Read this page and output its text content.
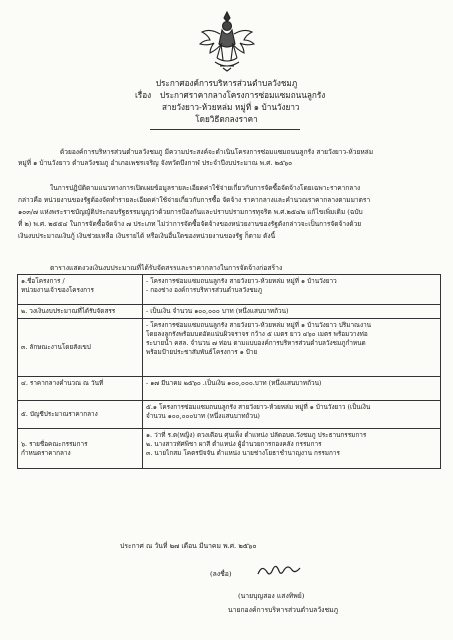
ประกาศองค์การบริหารส่วนตำบลวังชมภู
เรื่อง ประกาศราคากลางโครงการซ่อมแซมถนนลูกรัง
สายวังยาว-ห้วยหล่ม หมู่ที่ ๑ บ้านวังยาว
โดยวิธีตกลงราคา
ด้วยองค์การบริหารส่วนตำบลวังชมภู มีความประสงค์จะดำเนินโครงการซ่อมแซมถนนลูกรัง สายวังยาว-ห้วยหล่ม
หมู่ที่ ๑ บ้านวังยาว ตำบลวังชมภู อำเภอเพชรเจริญ จังหวัดบึงกาฬ ประจำปีงบประมาณ พ.ศ. ๒๕๖๐
ในการปฏิบัติตามแนวทางการเปิดเผยข้อมูลรายละเอียดค่าใช้จ่ายเกี่ยวกับการจัดซื้อจัดจ้างโดยเฉพาะราคากลาง
กล่าวคือ หน่วยงานของรัฐต้องจัดทำรายละเอียดค่าใช้จ่ายเกี่ยวกับการซื้อ จัดจ้าง ราคากลางและคำนวณราคากลางตามมาตรา
๑๐๓/๗ แห่งพระราชบัญญัติประกอบรัฐธรรมนูญว่าด้วยการป้องกันและปราบปรามการทุจริต พ.ศ.๒๕๔๒ แก้ไขเพิ่มเติม (ฉบับ
ที่ ๒) พ.ศ. ๒๕๕๔ ในการจัดซื้อจัดจ้าง ๗ ประเภท ไม่ว่าการจัดซื้อจัดจ้างของหน่วยงานของรัฐดังกล่าวจะเป็นการจัดจ้างด้วย
เงินงบประมาณเงินกู้ เงินช่วยเหลือ เงินรายได้ หรือเงินอื่นใดของหน่วยงานของรัฐ ก็ตาม ดังนี้
ตารางแสดงวงเงินงบประมาณที่ได้รับจัดสรรและราคากลางในการจัดจ้างก่อสร้าง
๑.ชื่อโครงการ /
หน่วยงานเจ้าของโครงการ	- โครงการซ่อมแซมถนนลูกรัง สายวังยาว-ห้วยหล่ม หมู่ที่ ๑ บ้านวังยาว
- กองช่าง องค์การบริหารส่วนตำบลวังชมภู

๒. วงเงินงบประมาณที่ได้รับจัดสรร	- เป็นเงิน จำนวน ๑๐๐,๐๐๐ บาท (หนึ่งแสนบาทถ้วน)

๓. ลักษณะงานโดยสังเขป	- โครงการซ่อมแซมถนนลูกรัง สายวังยาว-ห้วยหล่ม หมู่ที่ ๑ บ้านวังยาว ปริมาณงาน
โดยลงลูกรังพร้อมบดอัดแน่นผิวจราจร กว้าง ๕ เมตร ยาว ๔๖๐ เมตร พร้อมวางท่อ
ระบายน้ำ คสล. จำนวน ๗ ท่อน ตามแบบองค์การบริหารส่วนตำบลวังชมภูกำหนด
พร้อมป้ายประชาสัมพันธ์โครงการ ๑ ป้าย

๔. ราคากลางคำนวณ ณ วันที่	- ๑๗ มีนาคม ๒๕๖๐ .เป็นเงิน ๑๐๐,๐๐๐.บาท (หนึ่งแสนบาทถ้วน)

๕. บัญชีประมาณราคากลาง	๕.๑ โครงการซ่อมแซมถนนลูกรัง สายวังยาว-ห้วยหล่ม หมู่ที่ ๑ บ้านวังยาว (เป็นเงิน
จำนวน ๑๐๐,๐๐๐บาท (หนึ่งแสนบาทถ้วน)

๖. รายชื่อคณะกรรมการ
กำหนดราคากลาง	๑. ว่าที่ ร.ต(หญิง) ดวงเดือน ศุนเพ็ง ตำแหน่ง ปลัดอบต.วังชมภู ประธานกรรมการ
๒. นางสาวทัศพิชา ผาสี ตำแหน่ง ผู้อำนวยการกองคลัง กรรมการ
๓. นายไกสม โคตรปัจจัน ตำแหน่ง นายช่างโยธาชำนาญงาน กรรมการ
ประกาศ ณ วันที่ ๒๗ เดือน มีนาคม พ.ศ. ๒๕๖๐
(ลงชื่อ)
(นายบุญสอง แสงทิพย์)
นายกองค์การบริหารส่วนตำบลวังชมภู
